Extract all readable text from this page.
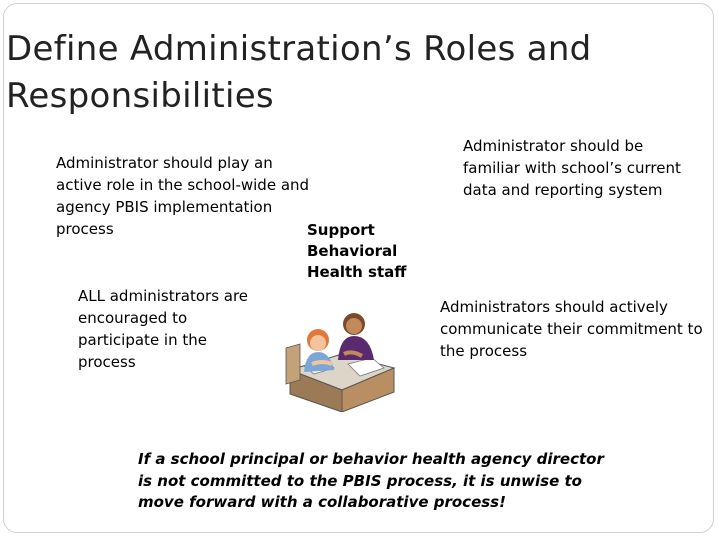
Define Administration’s Roles and Responsibilities

Administrator should play an active role in the school-wide and agency PBIS implementation process

ALL administrators are encouraged to participate in the process

Administrator should be familiar with school’s current data and reporting system

Administrators should actively communicate their commitment to the process

Support Behavioral Health staff

If a school principal or behavior health agency director is not committed to the PBIS process, it is unwise to move forward with a collaborative process!
